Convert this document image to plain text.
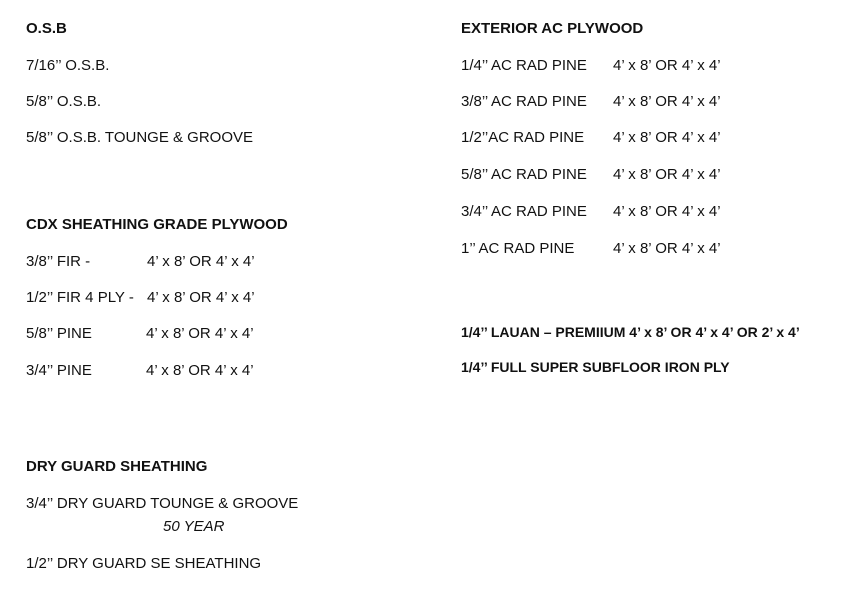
O.S.B
7/16’’ O.S.B.
5/8’’ O.S.B.
5/8’’ O.S.B. TOUNGE & GROOVE
CDX SHEATHING GRADE PLYWOOD
3/8’’ FIR -	4’ x 8’ OR 4’ x 4’
1/2’’ FIR 4 PLY - 4’ x 8’ OR 4’ x 4’
5/8’’ PINE	4’ x 8’ OR 4’ x 4’
3/4’’ PINE	4’ x 8’ OR 4’ x 4’
DRY GUARD SHEATHING
3/4’’ DRY GUARD TOUNGE & GROOVE
50 YEAR
1/2’’ DRY GUARD SE SHEATHING
EXTERIOR AC PLYWOOD
1/4’’ AC RAD PINE 4’ x 8’ OR 4’ x 4’
3/8’’ AC RAD PINE 4’ x 8’ OR 4’ x 4’
1/2’’AC RAD PINE 4’ x 8’ OR 4’ x 4’
5/8’’ AC RAD PINE 4’ x 8’ OR 4’ x 4’
3/4’’ AC RAD PINE 4’ x 8’ OR 4’ x 4’
1’’ AC RAD PINE	4’ x 8’ OR 4’ x 4’
1/4’’ LAUAN – PREMIIUM 4’ x 8’ OR 4’ x 4’ OR 2’ x 4’
1/4’’ FULL SUPER SUBFLOOR IRON PLY
